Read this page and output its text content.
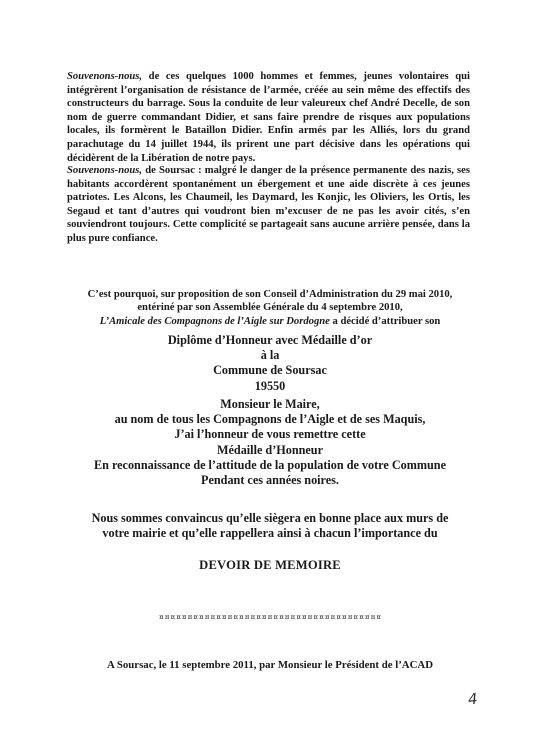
Souvenons-nous, de ces quelques 1000 hommes et femmes, jeunes volontaires qui intégrèrent l’organisation de résistance de l’armée, créée au sein même des effectifs des constructeurs du barrage. Sous la conduite de leur valeureux chef André Decelle, de son nom de guerre commandant Didier, et sans faire prendre de risques aux populations locales, ils formèrent le Bataillon Didier. Enfin armés par les Alliés, lors du grand parachutage du 14 juillet 1944, ils prirent une part décisive dans les opérations qui décidèrent de la Libération de notre pays.

Souvenons-nous, de Soursac : malgré le danger de la présence permanente des nazis, ses habitants accordèrent spontanément un ébergement et une aide discrète à ces jeunes patriotes. Les Alcons, les Chaumeil, les Daymard, les Konjic, les Oliviers, les Ortis, les Segaud et tant d’autres qui voudront bien m’excuser de ne pas les avoir cités, s’en souviendront toujours. Cette complicité se partageait sans aucune arrière pensée, dans la plus pure confiance.

C’est pourquoi, sur proposition de son Conseil d’Administration du 29 mai 2010,
entériné par son Assemblée Générale du 4 septembre 2010,
L’Amicale des Compagnons de l’Aigle sur Dordogne a décidé d’attribuer son
Diplôme d’Honneur avec Médaille d’or
à la
Commune de Soursac
19550
Monsieur le Maire,
au nom de tous les Compagnons de l’Aigle et de ses Maquis,
J’ai l’honneur de vous remettre cette
Médaille d’Honneur
En reconnaissance de l’attitude de la population de votre Commune
Pendant ces années noires.
Nous sommes convaincus qu’elle siègera en bonne place aux murs de
votre mairie et qu’elle rappellera ainsi à chacun l’importance du
DEVOIR DE MEMOIRE
¤¤¤¤¤¤¤¤¤¤¤¤¤¤¤¤¤¤¤¤¤¤¤¤¤¤¤¤¤¤¤¤¤¤¤¤¤¤¤
A Soursac, le 11 septembre 2011, par Monsieur le Président de l’ACAD
4
